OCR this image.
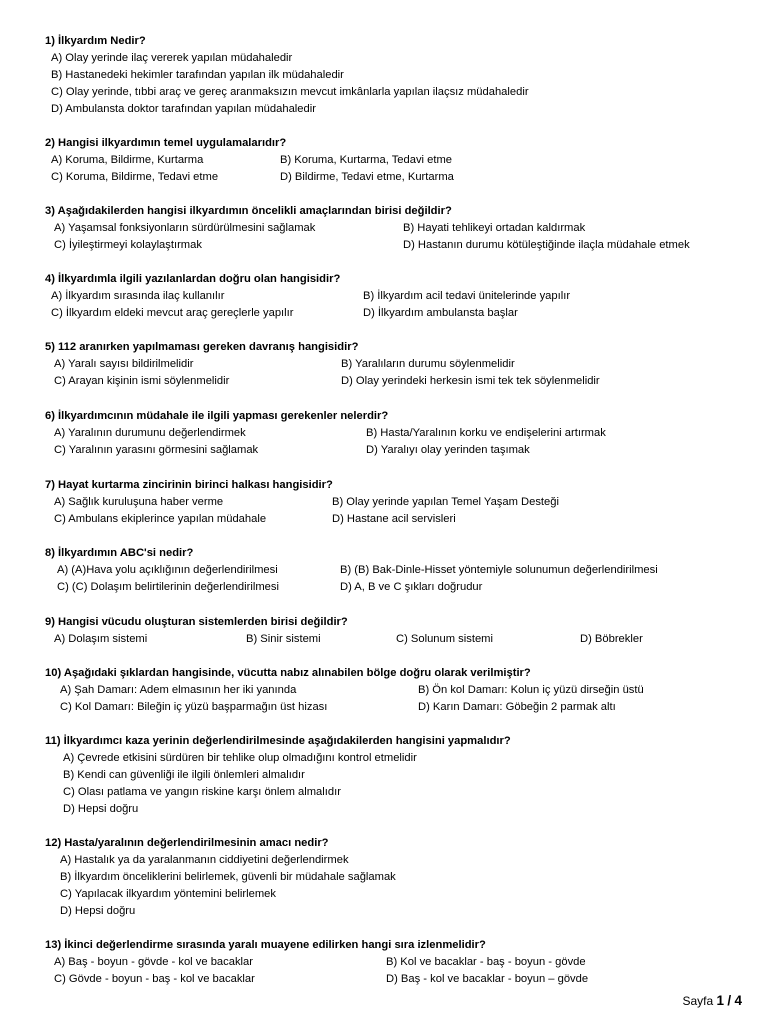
1) İlkyardım Nedir?
A) Olay yerinde ilaç vererek yapılan müdahaledir
B) Hastanedeki hekimler tarafından yapılan ilk müdahaledir
C) Olay yerinde, tıbbi araç ve gereç aranmaksızın mevcut imkânlarla yapılan ilaçsız müdahaledir
D) Ambulansta doktor tarafından yapılan müdahaledir
2) Hangisi ilkyardımın temel uygulamalarıdır?
A) Koruma, Bildirme, Kurtarma	B) Koruma, Kurtarma, Tedavi etme
C) Koruma, Bildirme, Tedavi etme	D) Bildirme, Tedavi etme, Kurtarma
3) Aşağıdakilerden hangisi ilkyardımın öncelikli amaçlarından birisi değildir?
A) Yaşamsal fonksiyonların sürdürülmesini sağlamak	B) Hayati tehlikeyi ortadan kaldırmak
C) İyileştirmeyi kolaylaştırmak	D) Hastanın durumu kötüleştiğinde ilaçla müdahale etmek
4) İlkyardımla ilgili yazılanlardan doğru olan hangisidir?
A) İlkyardım sırasında ilaç kullanılır	B) İlkyardım acil tedavi ünitelerinde yapılır
C) İlkyardım eldeki mevcut araç gereçlerle yapılır	D) İlkyardım ambulansta başlar
5) 112 aranırken yapılmaması gereken davranış hangisidir?
A) Yaralı sayısı bildirilmelidir	B) Yaralıların durumu söylenmelidir
C) Arayan kişinin ismi söylenmelidir	D) Olay yerindeki herkesin ismi tek tek söylenmelidir
6) İlkyardımcının müdahale ile ilgili yapması gerekenler nelerdir?
A) Yaralının durumunu değerlendirmek	B) Hasta/Yaralının korku ve endişelerini artırmak
C) Yaralının yarasını görmesini sağlamak	D) Yaralıyı olay yerinden taşımak
7) Hayat kurtarma zincirinin birinci halkası hangisidir?
A) Sağlık kuruluşuna haber verme	B) Olay yerinde yapılan Temel Yaşam Desteği
C) Ambulans ekiplerince yapılan müdahale	D) Hastane acil servisleri
8) İlkyardımın ABC'si nedir?
A) (A)Hava yolu açıklığının değerlendirilmesi	B) (B) Bak-Dinle-Hisset yöntemiyle solunumun değerlendirilmesi
C) (C) Dolaşım belirtilerinin değerlendirilmesi	D) A, B ve C şıkları doğrudur
9) Hangisi vücudu oluşturan sistemlerden birisi değildir?
A) Dolaşım sistemi	B) Sinir sistemi	C) Solunum sistemi	D) Böbrekler
10) Aşağıdaki şıklardan hangisinde, vücutta nabız alınabilen bölge doğru olarak verilmiştir?
A) Şah Damarı: Adem elmasının her iki yanında	B) Ön kol Damarı: Kolun iç yüzü dirseğin üstü
C) Kol Damarı: Bileğin iç yüzü başparmağın üst hizası	D) Karın Damarı: Göbeğin 2 parmak altı
11) İlkyardımcı kaza yerinin değerlendirilmesinde aşağıdakilerden hangisini yapmalıdır?
A) Çevrede etkisini sürdüren bir tehlike olup olmadığını kontrol etmelidir
B) Kendi can güvenliği ile ilgili önlemleri almalıdır
C) Olası patlama ve yangın riskine karşı önlem almalıdır
D) Hepsi doğru
12) Hasta/yaralının değerlendirilmesinin amacı nedir?
A) Hastalık ya da yaralanmanın ciddiyetini değerlendirmek
B) İlkyardım önceliklerini belirlemek, güvenli bir müdahale sağlamak
C) Yapılacak ilkyardım yöntemini belirlemek
D) Hepsi doğru
13) İkinci değerlendirme sırasında yaralı muayene edilirken hangi sıra izlenmelidir?
A) Baş - boyun - gövde - kol ve bacaklar	B) Kol ve bacaklar - baş - boyun - gövde
C) Gövde - boyun - baş - kol ve bacaklar	D) Baş - kol ve bacaklar - boyun – gövde
Sayfa 1 / 4
